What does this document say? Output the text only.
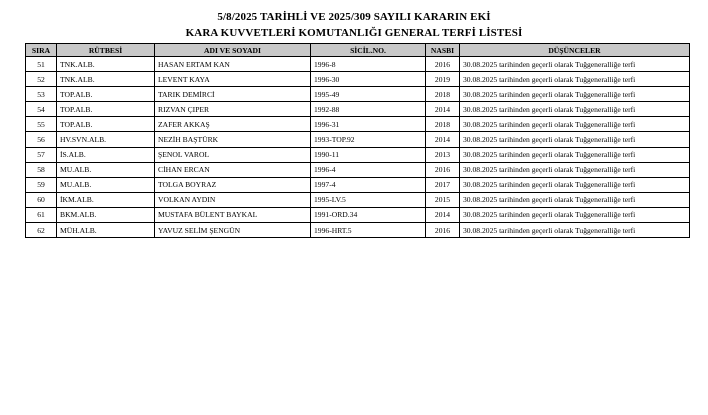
5/8/2025 TARİHLİ VE 2025/309 SAYILI KARARIN EKİ
KARA KUVVETLERİ KOMUTANLIĞI GENERAL TERFİ LİSTESİ
SIRA	RÜTBESİ	ADI VE SOYADI	SİCİL.NO.	NASBI	DÜŞÜNCELER
51	TNK.ALB.	HASAN ERTAM KAN	1996-8	2016	30.08.2025 tarihinden geçerli olarak Tuğgeneralliğe terfi
52	TNK.ALB.	LEVENT KAYA	1996-30	2019	30.08.2025 tarihinden geçerli olarak Tuğgeneralliğe terfi
53	TOP.ALB.	TARIK DEMİRCİ	1995-49	2018	30.08.2025 tarihinden geçerli olarak Tuğgeneralliğe terfi
54	TOP.ALB.	RIZVAN ÇIPER	1992-88	2014	30.08.2025 tarihinden geçerli olarak Tuğgeneralliğe terfi
55	TOP.ALB.	ZAFER AKKAŞ	1996-31	2018	30.08.2025 tarihinden geçerli olarak Tuğgeneralliğe terfi
56	HV.SVN.ALB.	NEZİH BAŞTÜRK	1993-TOP.92	2014	30.08.2025 tarihinden geçerli olarak Tuğgeneralliğe terfi
57	İS.ALB.	ŞENOL VAROL	1990-11	2013	30.08.2025 tarihinden geçerli olarak Tuğgeneralliğe terfi
58	MU.ALB.	CİHAN ERCAN	1996-4	2016	30.08.2025 tarihinden geçerli olarak Tuğgeneralliğe terfi
59	MU.ALB.	TOLGA BOYRAZ	1997-4	2017	30.08.2025 tarihinden geçerli olarak Tuğgeneralliğe terfi
60	İKM.ALB.	VOLKAN AYDIN	1995-LV.5	2015	30.08.2025 tarihinden geçerli olarak Tuğgeneralliğe terfi
61	BKM.ALB.	MUSTAFA BÜLENT BAYKAL	1991-ORD.34	2014	30.08.2025 tarihinden geçerli olarak Tuğgeneralliğe terfi
62	MÜH.ALB.	YAVUZ SELİM ŞENGÜN	1996-HRT.5	2016	30.08.2025 tarihinden geçerli olarak Tuğgeneralliğe terfi
